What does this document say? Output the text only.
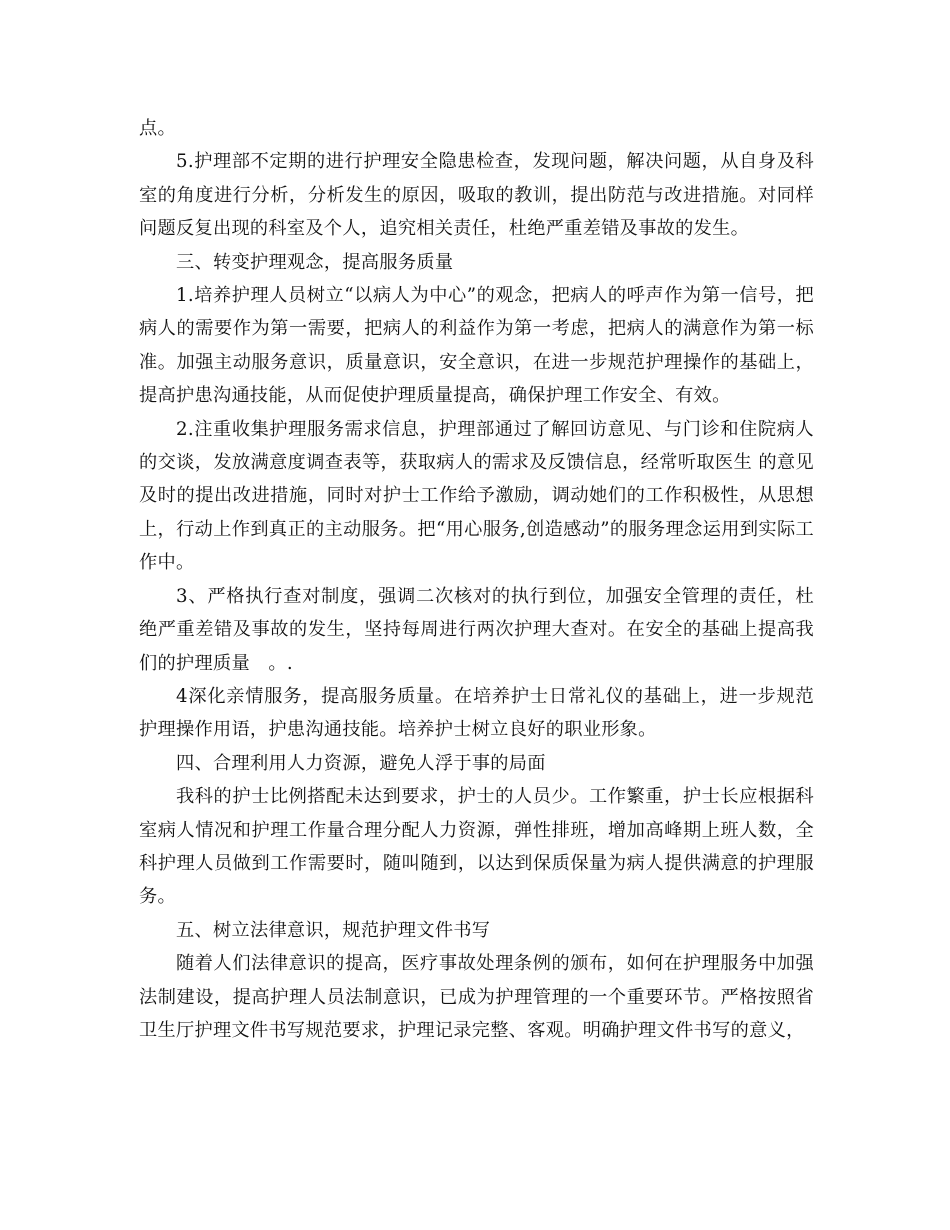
点。

5.护理部不定期的进行护理安全隐患检查，发现问题，解决问题，从自身及科室的角度进行分析，分析发生的原因，吸取的教训，提出防范与改进措施。对同样问题反复出现的科室及个人，追究相关责任，杜绝严重差错及事故的发生。

三、转变护理观念，提高服务质量

1.培养护理人员树立“以病人为中心”的观念，把病人的呼声作为第一信号，把病人的需要作为第一需要，把病人的利益作为第一考虑，把病人的满意作为第一标准。加强主动服务意识，质量意识，安全意识，在进一步规范护理操作的基础上，提高护患沟通技能，从而促使护理质量提高，确保护理工作安全、有效。

2.注重收集护理服务需求信息，护理部通过了解回访意见、与门诊和住院病人的交谈，发放满意度调查表等，获取病人的需求及反馈信息，经常听取医生 的意见及时的提出改进措施，同时对护士工作给予激励，调动她们的工作积极性，从思想上，行动上作到真正的主动服务。把“用心服务,创造感动”的服务理念运用到实际工作中。

3、严格执行查对制度，强调二次核对的执行到位，加强安全管理的责任，杜绝严重差错及事故的发生，坚持每周进行两次护理大查对。在安全的基础上提高我们的护理质量　。.

4深化亲情服务，提高服务质量。在培养护士日常礼仪的基础上，进一步规范护理操作用语，护患沟通技能。培养护士树立良好的职业形象。

四、合理利用人力资源，避免人浮于事的局面

我科的护士比例搭配未达到要求，护士的人员少。工作繁重，护士长应根据科室病人情况和护理工作量合理分配人力资源，弹性排班，增加高峰期上班人数，全科护理人员做到工作需要时，随叫随到，以达到保质保量为病人提供满意的护理服务。

五、树立法律意识，规范护理文件书写

随着人们法律意识的提高，医疗事故处理条例的颁布，如何在护理服务中加强法制建设，提高护理人员法制意识，已成为护理管理的一个重要环节。严格按照省卫生厅护理文件书写规范要求，护理记录完整、客观。明确护理文件书写的意义，
